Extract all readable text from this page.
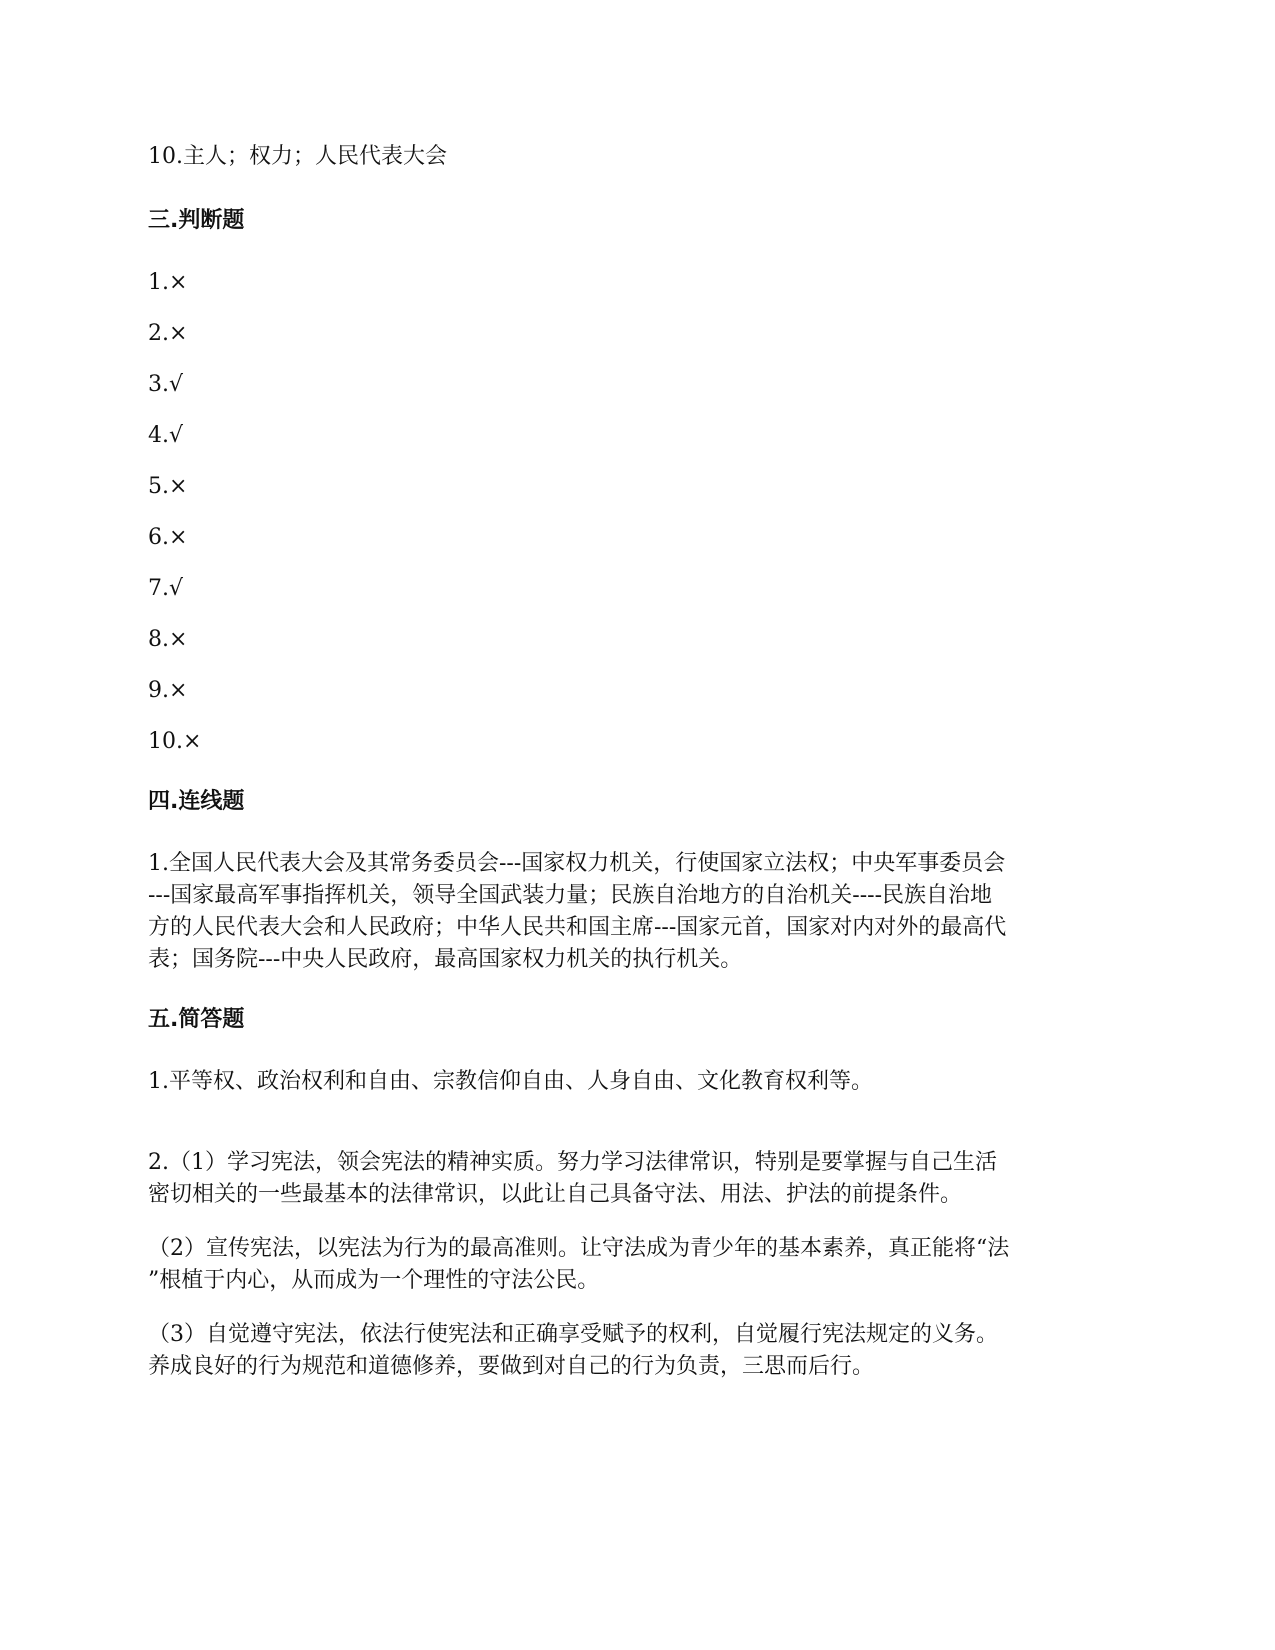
10.主人；权力；人民代表大会
三.判断题
1.×
2.×
3.√
4.√
5.×
6.×
7.√
8.×
9.×
10.×
四.连线题
1.全国人民代表大会及其常务委员会---国家权力机关，行使国家立法权；中央军事委员会
---国家最高军事指挥机关，领导全国武装力量；民族自治地方的自治机关----民族自治地
方的人民代表大会和人民政府；中华人民共和国主席---国家元首，国家对内对外的最高代
表；国务院---中央人民政府，最高国家权力机关的执行机关。
五.简答题
1.平等权、政治权利和自由、宗教信仰自由、人身自由、文化教育权利等。
2.（1）学习宪法，领会宪法的精神实质。努力学习法律常识，特别是要掌握与自己生活
密切相关的一些最基本的法律常识，以此让自己具备守法、用法、护法的前提条件。
（2）宣传宪法，以宪法为行为的最高准则。让守法成为青少年的基本素养，真正能将“法
”根植于内心，从而成为一个理性的守法公民。
（3）自觉遵守宪法，依法行使宪法和正确享受赋予的权利，自觉履行宪法规定的义务。
养成良好的行为规范和道德修养，要做到对自己的行为负责，三思而后行。
